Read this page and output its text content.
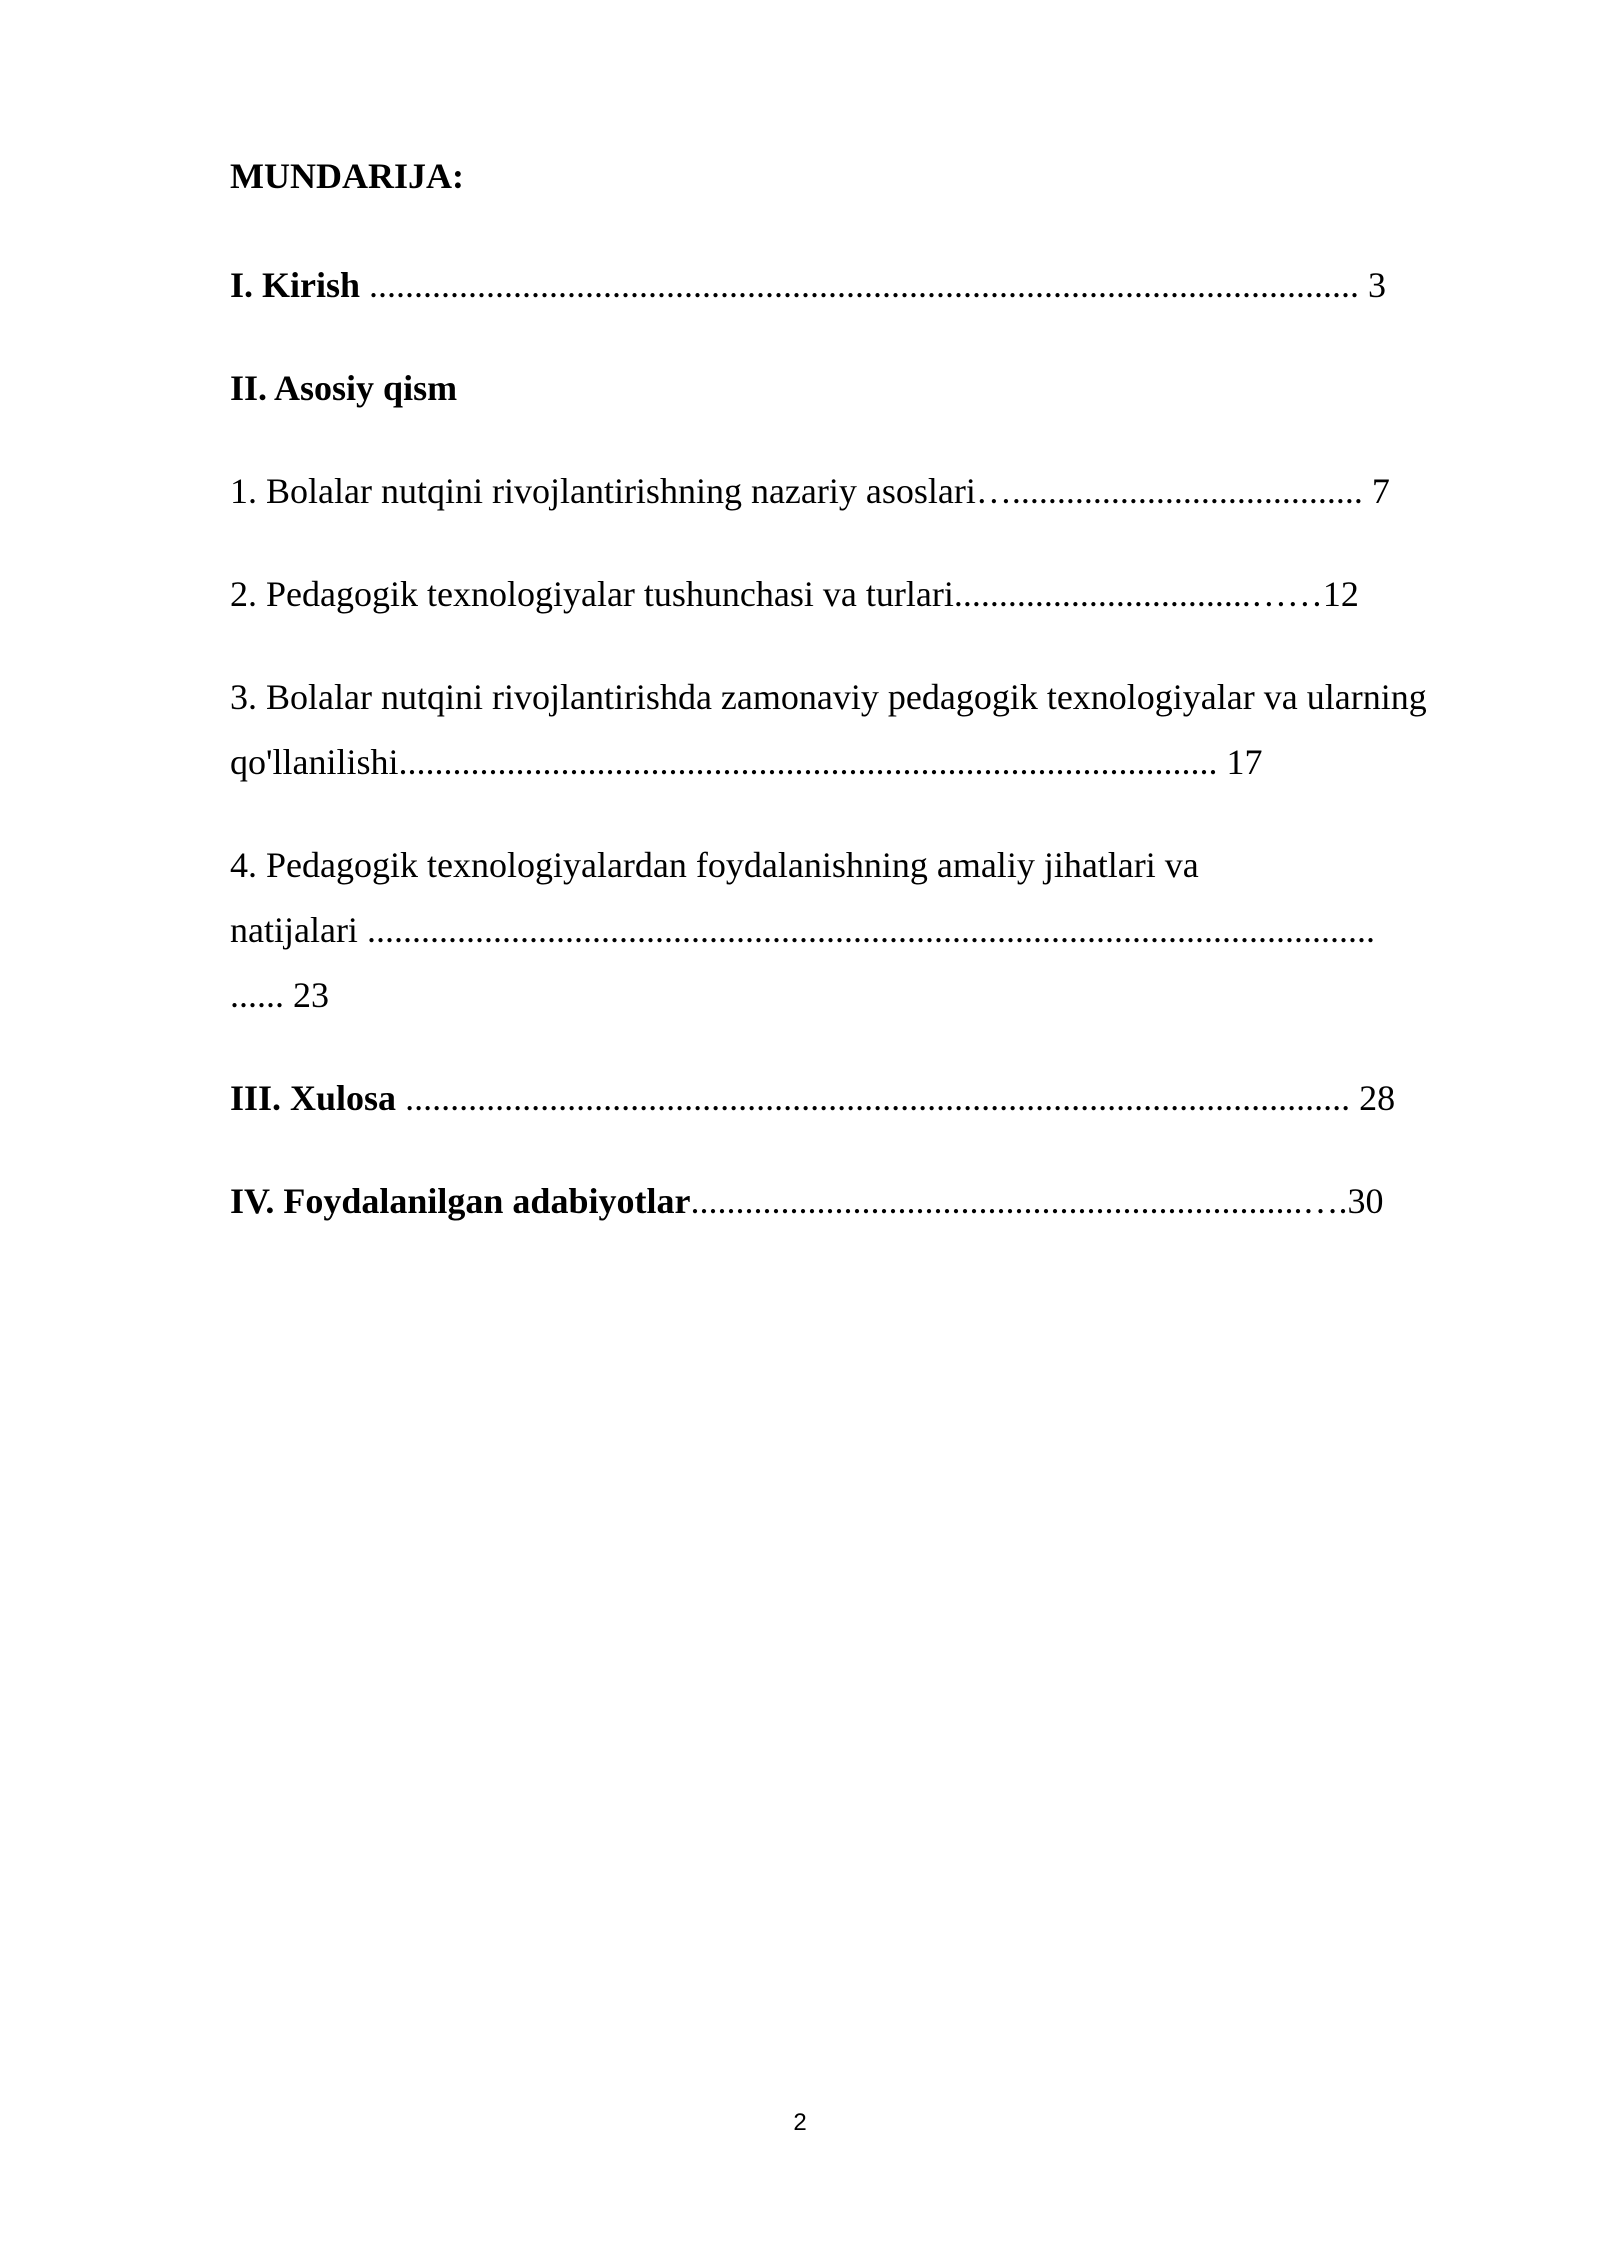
MUNDARIJA:
I. Kirish .............................................................................................................. 3
II. Asosiy qism
1. Bolalar nutqini rivojlantirishning nazariy asoslari…....................................... 7
2. Pedagogik texnologiyalar tushunchasi va turlari.................................……12
3. Bolalar nutqini rivojlantirishda zamonaviy pedagogik texnologiyalar va ularning qo'llanilishi........................................................................................... 17
4. Pedagogik texnologiyalardan foydalanishning amaliy jihatlari va
natijalari ................................................................................................................
...... 23
III. Xulosa ......................................................................................................... 28
IV. Foydalanilgan adabiyotlar....................................................................….30
2
